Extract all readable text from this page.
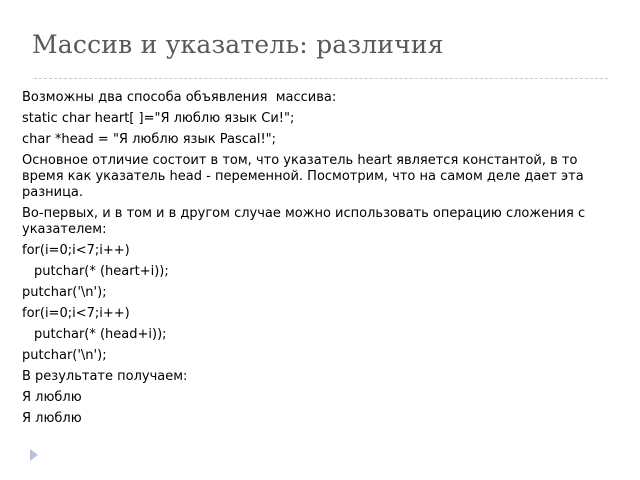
Массив и указатель: различия
Возможны два способа объявления  массива:
static char heart[ ]="Я люблю язык Си!";
char *head = "Я люблю язык Pascal!";
Основное отличие состоит в том, что указатель heart является константой, в то время как указатель head - переменной. Посмотрим, что на самом деле дает эта разница.
Во-первых, и в том и в другом случае можно использовать операцию сложения с указателем:
for(i=0;i<7;i++)
putchar(* (heart+i));
putchar('\n');
for(i=0;i<7;i++)
putchar(* (head+i));
putchar('\n');
В результате получаем:
Я люблю
Я люблю
